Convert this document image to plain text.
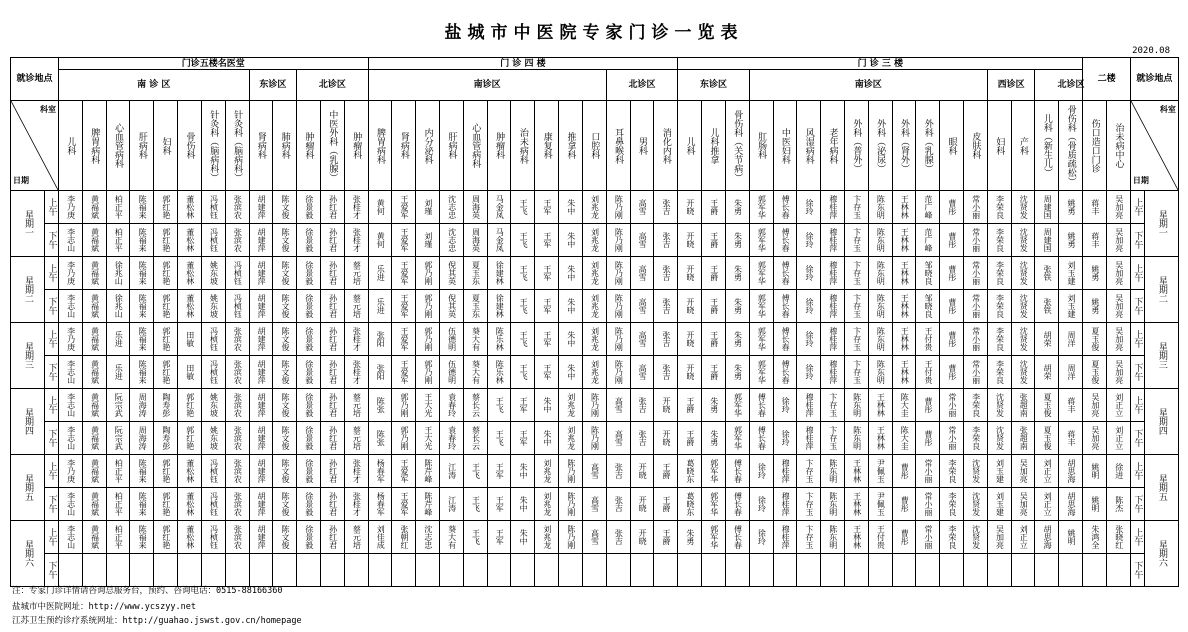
盐城市中医院专家门诊一览表
2020.08
就诊地点		门诊五楼名医堂													门 诊 四 楼													门 诊 三 楼																	二楼		就诊地点		

		南 诊 区								东诊区		北诊区			南诊区										北诊区			东诊区			南诊区										西诊区		北诊区

科室
日期		儿科	脾胃病科	心血管病科	肝病科	妇科	骨伤科	针灸科（脑病科）	针灸科（脑病科）	肾病科	肺病科	肿瘤科	中医外科（乳腺）	肿瘤科	脾胃病科	肾病科	内分泌科	肝病科	心血管病科	肿瘤科	治未病科	康复科	推拿科	口腔科	耳鼻喉科	男科	消化内科	儿科	儿科推拿	骨伤科（关节病）	肛肠科	中医妇科	风湿病科	老年病科	外科（普外）	外科（泌尿）	外科（肾外）	外科（乳腺）	眼科	皮肤科	妇科	产科	儿科（新生儿）	骨伤科（骨质疏松）	伤口造口门诊	治未病中心	科室
日期		

星期一	上午	李乃庚	黄福斌	柏正平	陈福来	郭红艳	董松林	冯桢钰	张滨农	胡建萍	陈文俊	徐景毅	孙红君	张桂才	黄何	王爱军	刘瑾	沈志忠	周海英	马金凤	王飞	王军	朱中	刘兆龙	陈乃刚	高雪	张吉	开晓	王爵	朱勇	郭军华	傅长春	徐玲	穆桂萍	卞存玉	陈东明	王林林	范广峰	曹彤	常小丽	李荣良	沈贤发	周建国	姚勇	蒋丰	吴加亮	上午	星期一	

	下午	李志山	黄福斌	柏正平	陈福来	郭红艳	董松林	冯桢钰	张滨农	胡建萍	陈文俊	徐景毅	孙红君	张桂才	黄何	王爱军	刘瑾	沈志忠	周海英	马金凤	王飞	王军	朱中	刘兆龙	陈乃刚	高雪	张吉	开晓	王爵	朱勇	郭军华	傅长春	徐玲	穆桂萍	卞存玉	陈东明	王林林	范广峰	曹彤	常小丽	李荣良	沈贤发	周建国	姚勇	蒋丰	吴加亮	下午		

星期二	上午	李乃庚	黄福斌	徐兆山	陈福来	郭红艳	董松林	姚东坡	冯桢钰	胡建萍	陈文俊	徐景毅	孙红君	蔡元培	乐进	王爱军	郭乃刚	倪其英	夏玉东	徐建林	王飞	王军	朱中	刘兆龙	陈乃刚	高雪	张吉	开晓	王爵	朱勇	郭军华	傅长春	徐玲	穆桂萍	卞存玉	陈东明	王林林	邹晓良	曹彤	常小丽	李荣良	沈贤发	张铁	刘玉建	姚勇	吴加亮	上午	星期二	

	下午	李志山	黄福斌	徐兆山	陈福来	郭红艳	董松林	姚东坡	冯桢钰	胡建萍	陈文俊	徐景毅	孙红君	蔡元培	乐进	王爱军	郭乃刚	倪其英	夏玉东	徐建林	王飞	王军	朱中	刘兆龙	陈乃刚	高雪	张吉	开晓	王爵	朱勇	郭军华	傅长春	徐玲	穆桂萍	卞存玉	陈东明	王林林	邹晓良	曹彤	常小丽	李荣良	沈贤发	张铁	刘玉建	姚勇	吴加亮	下午		

星期三	上午	李乃庚	黄福斌	乐进	陈福来	郭红艳	田敏	冯桢钰	张滨农	胡建萍	陈文俊	徐景毅	孙红君	张桂才	张阳	王爱军	郭乃刚	伍德明	葵大有	陈乐林	王飞	王军	朱中	刘兆龙	陈乃刚	高雪	张吉	开晓	王爵	朱勇	郭军华	傅长春	徐玲	穆桂萍	卞存玉	陈东明	王林林	王付贵	曹彤	常小丽	李荣良	沈贤发	胡荣	周洋	夏玉俊	吴加亮	上午	星期三	

	下午	李志山	黄福斌	乐进	陈福来	郭红艳	田敏	冯桢钰	张滨农	胡建萍	陈文俊	徐景毅	孙红君	张桂才	张阳	王爱军	郭乃刚	伍德明	葵大有	陈乐林	王飞	王军	朱中	刘兆龙	陈乃刚	高雪	张吉	开晓	王爵	朱勇	郭军华	傅长春	徐玲	穆桂萍	卞存玉	陈东明	王林林	王付贵	曹彤	常小丽	李荣良	沈贤发	胡荣	周洋	夏玉俊	吴加亮	下午		

星期四	上午	李志山	黄福斌	阮宗武	周海涛	陶寿彭	郭红艳	姚东坡	张滨农	胡建萍	陈文俊	徐景毅	孙红君	蔡元培	陈张	郭乃刚	王大光	袁春玲	蔡长云	王飞	王军	朱中	刘兆龙	陈乃刚	高雪	张吉	开晓	王爵	朱勇	郭军华	傅长春	徐玲	穆桂萍	卞存玉	陈东明	王林林	陈大圭	曹彤	常小丽	李荣良	沈贤发	张超南	夏玉俊	蒋丰	吴加亮	刘正立	上午	星期四	

	下午	李志山	黄福斌	阮宗武	周海涛	陶寿彭	郭红艳	姚东坡	张滨农	胡建萍	陈文俊	徐景毅	孙红君	蔡元培	陈张	郭乃刚	王大光	袁春玲	蔡长云	王飞	王军	朱中	刘兆龙	陈乃刚	高雪	张吉	开晓	王爵	朱勇	郭军华	傅长春	徐玲	穆桂萍	卞存玉	陈东明	王林林	陈大圭	曹彤	常小丽	李荣良	沈贤发	张超南	夏玉俊	蒋丰	吴加亮	刘正立	下午		

星期五	上午	李乃庚	黄福斌	柏正平	陈福来	郭红艳	董松林	冯桢钰	张滨农	胡建萍	陈文俊	徐景毅	孙红君	张桂才	杨春军	王爱军	陈芹峰	江涛	王飞	王军	朱中	刘兆龙	陈乃刚	高雪	张吉	开晓	王爵	葛晓东	郭军华	傅长春	徐玲	穆桂萍	卞存玉	陈东明	王林林	尹佩玉	曹彤	常小丽	李荣良	沈贤发	刘玉建	吴加亮	刘正立	胡思海	姚明	徐进	上午	星期五	

	下午	李志山	黄福斌	柏正平	陈福来	郭红艳	董松林	冯桢钰	张滨农	胡建萍	陈文俊	徐景毅	孙红君	张桂才	杨春军	王爱军	陈芹峰	江涛	王飞	王军	朱中	刘兆龙	陈乃刚	高雪	张吉	开晓	王爵	葛晓东	郭军华	傅长春	徐玲	穆桂萍	卞存玉	陈东明	王林林	尹佩玉	曹彤	常小丽	李荣良	沈贤发	刘玉建	吴加亮	刘正立	胡思海	姚明	陈杰	下午		

星期六	上午	李志山	黄福斌	柏正平	陈福来	郭红艳	董松林	冯桢钰	张滨农	胡建萍	陈文俊	徐景毅	孙红君	蔡元培	刘佳成	张朝红	沈志忠	葵大有	王飞	王军	朱中	刘兆龙	陈乃刚	高雪	张吉	开晓	王爵	朱勇	郭军华	傅长春	徐玲	穆桂萍	卞存玉	陈东明	王林林	王付贵	曹彤	常小丽	李荣良	沈贤发	吴加亮	刘正立	胡思海	姚明	朱鸿全	张晓红	上午	星期六	

	下午																																														下午		
注：专家门诊详情请咨询总服务台，预约、咨询电话：0515-88166360
盐城市中医院网址：http://www.ycszyy.net
江苏卫生预约诊疗系统网址：http://guahao.jswst.gov.cn/homepage
